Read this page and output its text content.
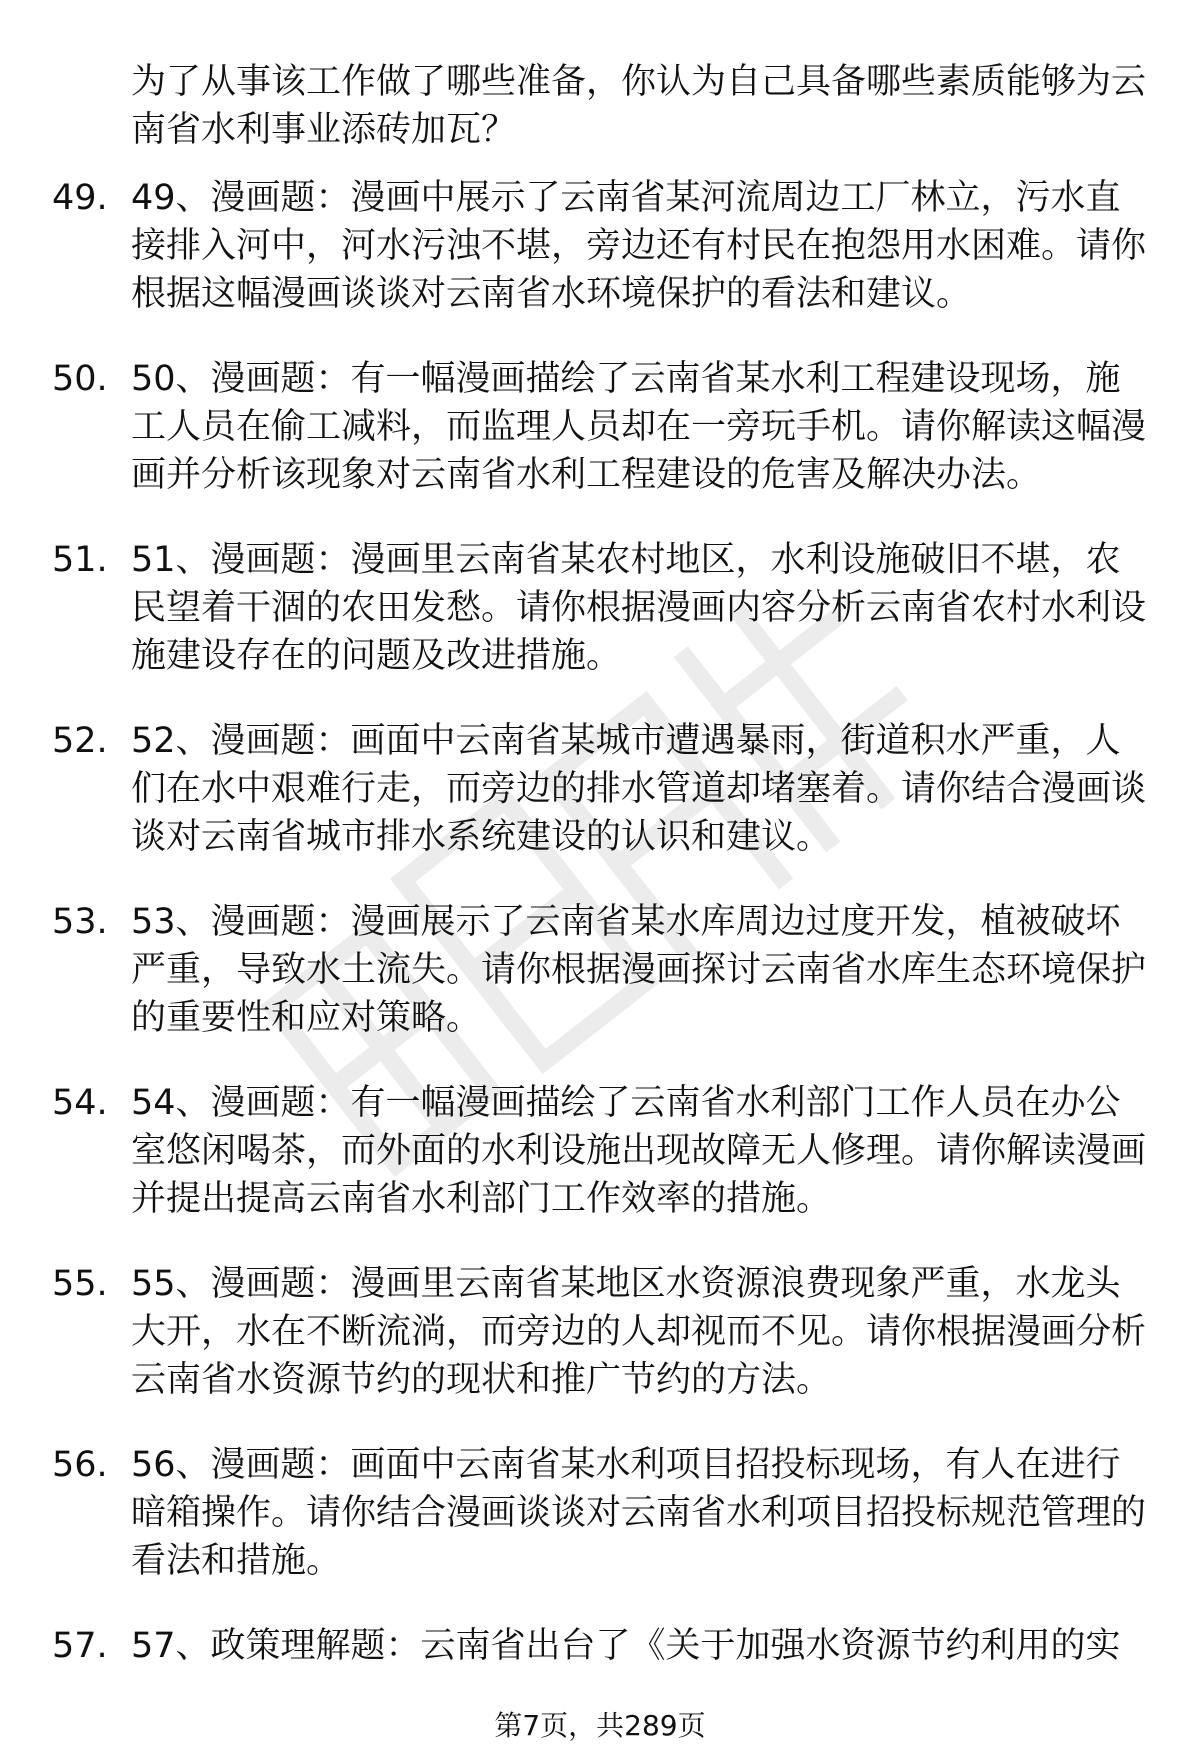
为了从事该工作做了哪些准备，你认为自己具备哪些素质能够为云南省水利事业添砖加瓦？

49. 49、漫画题：漫画中展示了云南省某河流周边工厂林立，污水直接排入河中，河水污浊不堪，旁边还有村民在抱怨用水困难。请你根据这幅漫画谈谈对云南省水环境保护的看法和建议。

50. 50、漫画题：有一幅漫画描绘了云南省某水利工程建设现场，施工人员在偷工减料，而监理人员却在一旁玩手机。请你解读这幅漫画并分析该现象对云南省水利工程建设的危害及解决办法。

51. 51、漫画题：漫画里云南省某农村地区，水利设施破旧不堪，农民望着干涸的农田发愁。请你根据漫画内容分析云南省农村水利设施建设存在的问题及改进措施。

52. 52、漫画题：画面中云南省某城市遭遇暴雨，街道积水严重，人们在水中艰难行走，而旁边的排水管道却堵塞着。请你结合漫画谈谈对云南省城市排水系统建设的认识和建议。

53. 53、漫画题：漫画展示了云南省某水库周边过度开发，植被破坏严重，导致水土流失。请你根据漫画探讨云南省水库生态环境保护的重要性和应对策略。

54. 54、漫画题：有一幅漫画描绘了云南省水利部门工作人员在办公室悠闲喝茶，而外面的水利设施出现故障无人修理。请你解读漫画并提出提高云南省水利部门工作效率的措施。

55. 55、漫画题：漫画里云南省某地区水资源浪费现象严重，水龙头大开，水在不断流淌，而旁边的人却视而不见。请你根据漫画分析云南省水资源节约的现状和推广节约的方法。

56. 56、漫画题：画面中云南省某水利项目招投标现场，有人在进行暗箱操作。请你结合漫画谈谈对云南省水利项目招投标规范管理的看法和措施。

57. 57、政策理解题：云南省出台了《关于加强水资源节约利用的实

第7页，共289页
